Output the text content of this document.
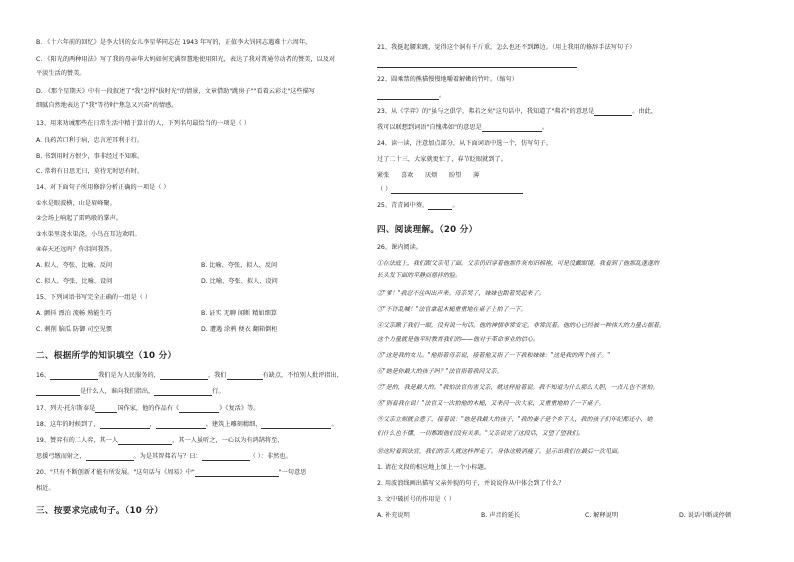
B. 《十六年前的回忆》是李大钊的女儿李星华同志在 1943 年写的，正值李大钊同志遇难十六周年。
C. 《阳光的两种用法》写了我的母亲华大妈如何充满智慧地使用阳光，表达了我对普通劳动者的赞美，以及对
平淡生活的赞美。
D. 《那个星期天》中有一段叙述了"我"怎样"拔时光"的情景，文章借助"跳房子""看着云彩走"这些描写
细腻自然地表达了"我"等待时"焦急又兴奋"的情感。
13、用来劝诫那些在日常生活中精于算计的人，下列名句最恰当的一项是（ ）
A. 良药苦口利于病，忠言逆耳利于行。
B. 书到用时方恨少，事非经过不知难。
C. 常将有日思无日，莫待无时思有时。
14、对下面句子所用修辞分析正确的一项是（ ）
①水是眼波横，山是眉峰聚。
②会场上响起了雷鸣般的掌声。
③水渠里浇水渠浇，小鸟在耳边欢唱。
④春天还远吗？你泪问我答。
A. 拟人、夸张、比喻、反问	B. 比喻、夸张、拟人、反问
C. 拟人、夸张、比喻、设问	D. 比喻、夸张、拟人、设问
15、下列词语书写完全正确的一组是（ ）
A. 颤抖 漂泊 流畅 熟能生巧	B. 证实 无聊 闻断 精如细算
C. 刺削 脑瓜 防御 司空见惯	D. 遭遇 涂鸦 便衣 翻箱倒柜
二、根据所学的知识填空（10 分）
16、	我们是为人民服务的，	，我们	有缺点，不怕别人批评指出，
是什么人，谁向我们指出，	行。
17、列夫·托尔斯泰是	国作家，他的作品有《	》《复活》等。
18、这年的时候到了，	，	。建筑上雕刻精细，	。
19、赞弈有的二人弈，其一人	，其一人虽听之，一心以为有鸿鹄将至，
思援弓缴而射之，	。为是其智弗若与？曰：	（ ）：非然也。
20、"只有不断创新才能有所发展。"这句话与《周易》中"	"一句意思
相近。
三、按要求完成句子。（10 分）
21、我挺起腰来跳，觉得这个洞有千斤重，怎么也还不到蹲边。（用上我用的修辞手法写句子）
22、圆乘禁的熊猫慢慢地嚼着解嫩的竹叶。（缩句）
。
23、从《学弈》的"虽与之俱学，弗若之矣"这句话中，我知道了"弗若"的意思是	。由此，
我可以联想到词语"自愧弗如"的意思是	。
24、读一读，注意加点部分，从下面词语中选一个，仿写句子。
过了二十三，大家就更忙了，春节眨眼就到了。
紧张 喜欢 厌烦 盼望 薄
（ ）
25、青青园中葵，	。
四、阅读理解。（20 分）
26、课内阅读。
①在法庭上，我们跟父亲见了面。父亲仍旧穿着他那件灰布旧棉袍，可是没戴眼镜。我看到了他那乱蓬蓬的
长头发下面的平静而慈祥的脸。
②"爹！"我忍不住叫出声来。母亲哭了，妹妹也跟着哭起来了。
③"不许乱喊！"法官拿起木槌重重地在桌子上拍了一下。
④父亲瞅了我们一眼，没有说一句话。他的神情非常安定，非常沉着。他的心已经被一种伟大的力量占据着。
这个力量就是他平时教育我们的——他对于革命事业的信心。
⑤"这是我的女儿。"他指着母亲说，接着他又指了一下我和妹妹："这是我的两个孩子。"
⑥"她是你最大的孩子吗？"法官指着我问父亲。
⑦"是的，我是最大的。"我怕法官伤害父亲，就这样抢着说。我不知道为什么那么大胆，一点儿也不害怕。
⑧"别看我在说！"法官又一次拍他的木槌，又来问一次大家，又重重地拍了一下桌子。
⑨父亲立刻就会意了，接着说："她是我最大的孩子，"我的妻子是个乡下人，我的孩子们年纪都还小，她
们什么也不懂，一切都跟他们没有关系。"父亲说完了这段话，又望了望我们。
⑩这时看到法官，我们的亲人就这样押走了，身体这般消瘦了，显示出我们在最后一次见面。
1. 请在文段的相应地上加上一个小标题。
2. 用波浪线画出描写父亲外貌的句子，并说说你从中体会到了什么？
3. 文中破折号的作用是（ ）
A. 补充说明	B. 声音的延长	C. 解释说明	D. 说话中断或停顿
